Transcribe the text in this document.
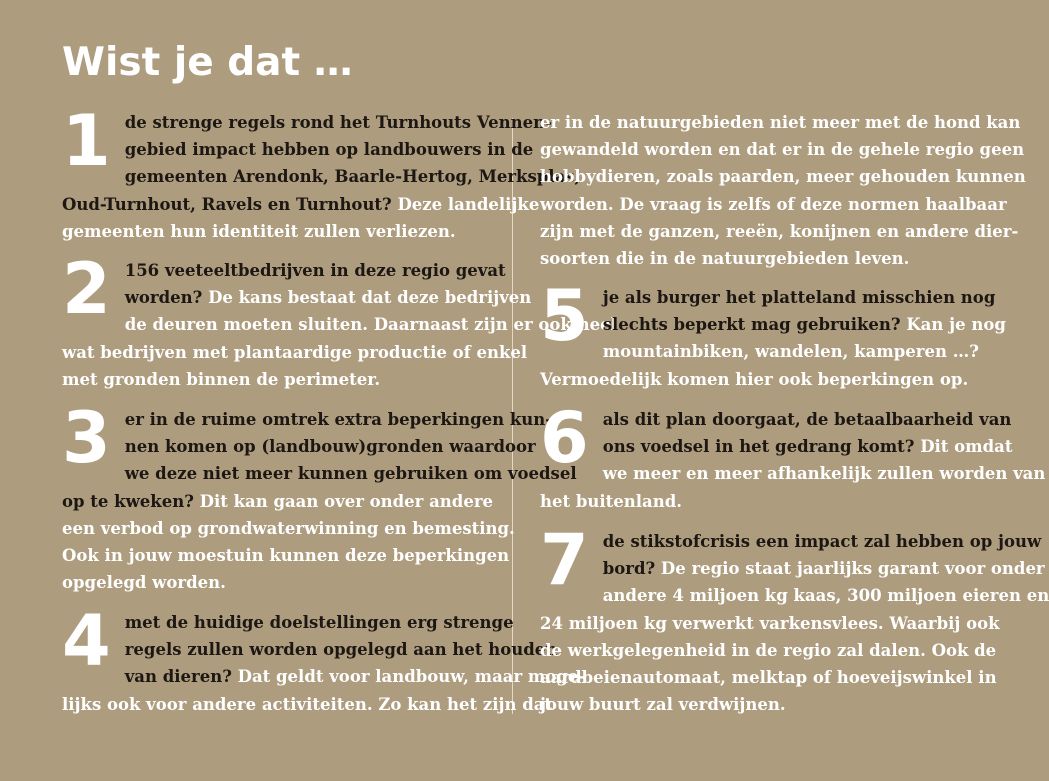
Wist je dat …
1 de strenge regels rond het Turnhouts Vennen-
gebied impact hebben op landbouwers in de
gemeenten Arendonk, Baarle-Hertog, Merksplas,
Oud-Turnhout, Ravels en Turnhout? Deze landelijke
gemeenten hun identiteit zullen verliezen.
2 156 veeteeltbedrijven in deze regio gevat
worden? De kans bestaat dat deze bedrijven
de deuren moeten sluiten. Daarnaast zijn er ook heel
wat bedrijven met plantaardige productie of enkel
met gronden binnen de perimeter.
3 er in de ruime omtrek extra beperkingen kun-
nen komen op (landbouw)gronden waardoor
we deze niet meer kunnen gebruiken om voedsel
op te kweken? Dit kan gaan over onder andere
een verbod op grondwaterwinning en bemesting.
Ook in jouw moestuin kunnen deze beperkingen
opgelegd worden.
4 met de huidige doelstellingen erg strenge
regels zullen worden opgelegd aan het houden
van dieren? Dat geldt voor landbouw, maar moge-
lijks ook voor andere activiteiten. Zo kan het zijn dat
er in de natuurgebieden niet meer met de hond kan
gewandeld worden en dat er in de gehele regio geen
hobbydieren, zoals paarden, meer gehouden kunnen
worden. De vraag is zelfs of deze normen haalbaar
zijn met de ganzen, reeën, konijnen en andere dier-
soorten die in de natuurgebieden leven.
5 je als burger het platteland misschien nog
slechts beperkt mag gebruiken? Kan je nog
mountainbiken, wandelen, kamperen …?
Vermoedelijk komen hier ook beperkingen op.
6 als dit plan doorgaat, de betaalbaarheid van
ons voedsel in het gedrang komt? Dit omdat
we meer en meer afhankelijk zullen worden van
het buitenland.
7 de stikstofcrisis een impact zal hebben op jouw
bord? De regio staat jaarlijks garant voor onder
andere 4 miljoen kg kaas, 300 miljoen eieren en
24 miljoen kg verwerkt varkensvlees. Waarbij ook
de werkgelegenheid in de regio zal dalen. Ook de
aardbeienautomaat, melktap of hoeveijswinkel in
jouw buurt zal verdwijnen.
